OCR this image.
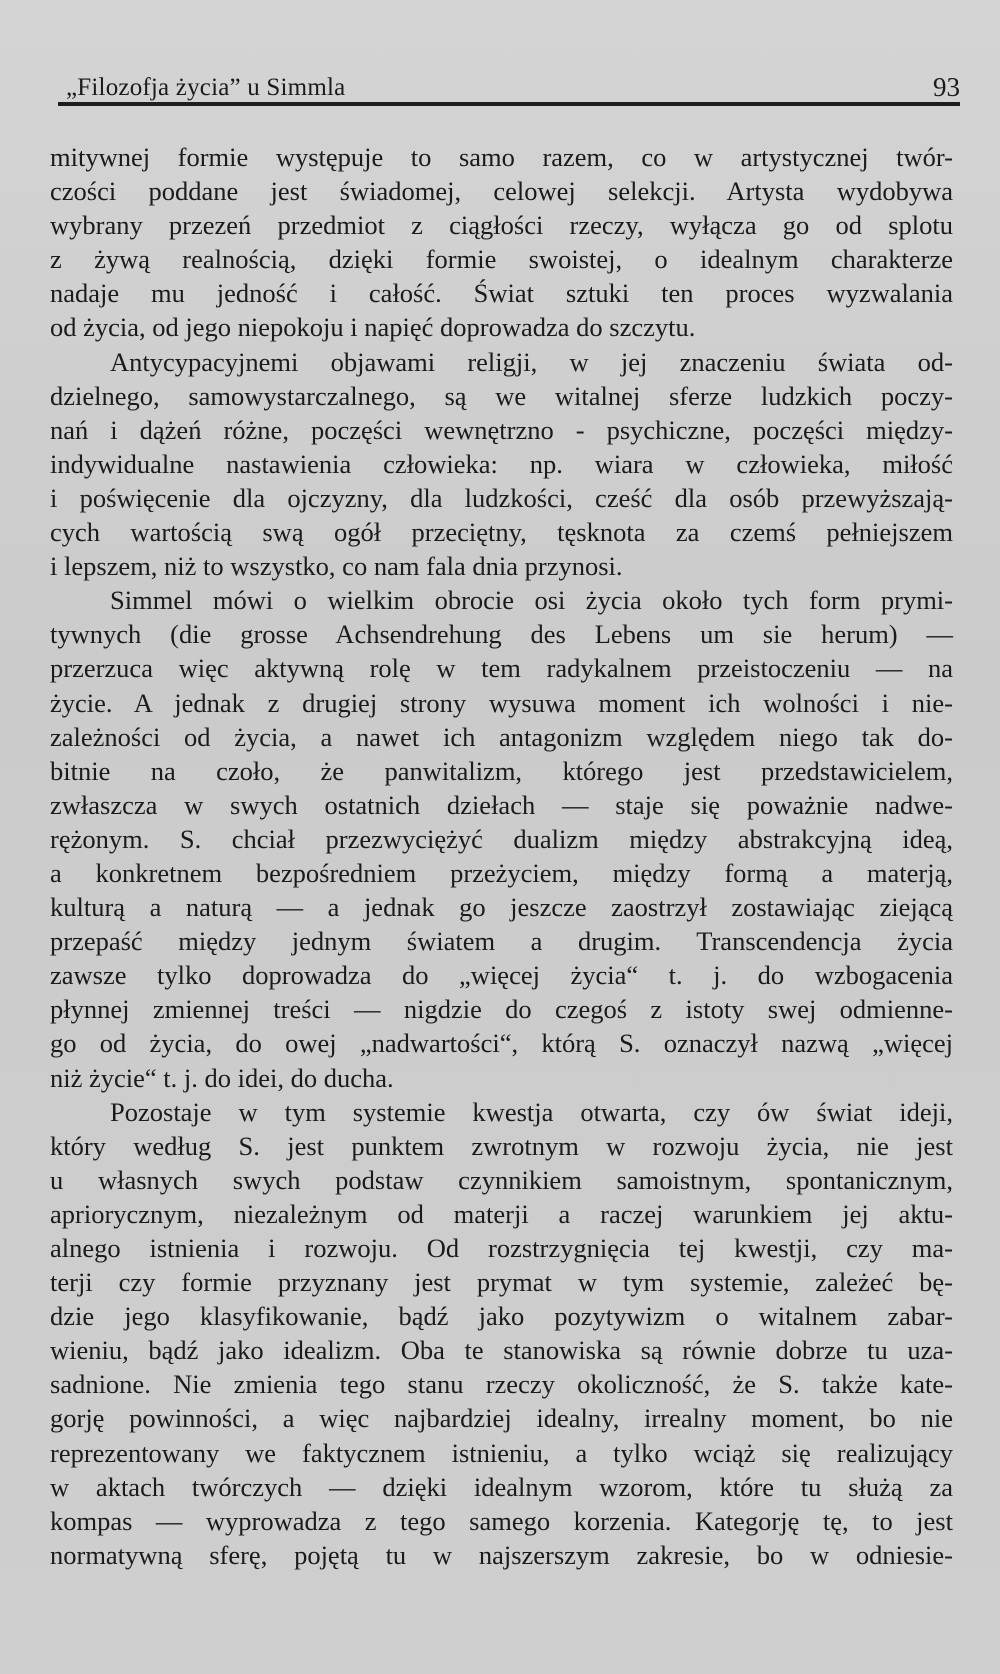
„Filozofja życia” u Simmla	93
mitywnej formie występuje to samo razem, co w artystycznej twór-
czości poddane jest świadomej, celowej selekcji. Artysta wydobywa
wybrany przezeń przedmiot z ciągłości rzeczy, wyłącza go od splotu
z żywą realnością, dzięki formie swoistej, o idealnym charakterze
nadaje mu jedność i całość. Świat sztuki ten proces wyzwalania
od życia, od jego niepokoju i napięć doprowadza do szczytu.
Antycypacyjnemi objawami religji, w jej znaczeniu świata od-
dzielnego, samowystarczalnego, są we witalnej sferze ludzkich poczy-
nań i dążeń różne, poczęści wewnętrzno - psychiczne, poczęści między-
indywidualne nastawienia człowieka: np. wiara w człowieka, miłość
i poświęcenie dla ojczyzny, dla ludzkości, cześć dla osób przewyższają-
cych wartością swą ogół przeciętny, tęsknota za czemś pełniejszem
i lepszem, niż to wszystko, co nam fala dnia przynosi.
Simmel mówi o wielkim obrocie osi życia około tych form prymi-
tywnych (die grosse Achsendrehung des Lebens um sie herum) —
przerzuca więc aktywną rolę w tem radykalnem przeistoczeniu — na
życie. A jednak z drugiej strony wysuwa moment ich wolności i nie-
zależności od życia, a nawet ich antagonizm względem niego tak do-
bitnie na czoło, że panwitalizm, którego jest przedstawicielem,
zwłaszcza w swych ostatnich dziełach — staje się poważnie nadwe-
rężonym. S. chciał przezwyciężyć dualizm między abstrakcyjną ideą,
a konkretnem bezpośredniem przeżyciem, między formą a materją,
kulturą a naturą — a jednak go jeszcze zaostrzył zostawiając ziejącą
przepaść między jednym światem a drugim. Transcendencja życia
zawsze tylko doprowadza do „więcej życia“ t. j. do wzbogacenia
płynnej zmiennej treści — nigdzie do czegoś z istoty swej odmienne-
go od życia, do owej „nadwartości“, którą S. oznaczył nazwą „więcej
niż życie“ t. j. do idei, do ducha.
Pozostaje w tym systemie kwestja otwarta, czy ów świat ideji,
który według S. jest punktem zwrotnym w rozwoju życia, nie jest
u własnych swych podstaw czynnikiem samoistnym, spontanicznym,
apriorycznym, niezależnym od materji a raczej warunkiem jej aktu-
alnego istnienia i rozwoju. Od rozstrzygnięcia tej kwestji, czy ma-
terji czy formie przyznany jest prymat w tym systemie, zależeć bę-
dzie jego klasyfikowanie, bądź jako pozytywizm o witalnem zabar-
wieniu, bądź jako idealizm. Oba te stanowiska są równie dobrze tu uza-
sadnione. Nie zmienia tego stanu rzeczy okoliczność, że S. także kate-
gorję powinności, a więc najbardziej idealny, irrealny moment, bo nie
reprezentowany we faktycznem istnieniu, a tylko wciąż się realizujący
w aktach twórczych — dzięki idealnym wzorom, które tu służą za
kompas — wyprowadza z tego samego korzenia. Kategorję tę, to jest
normatywną sferę, pojętą tu w najszerszym zakresie, bo w odniesie-
